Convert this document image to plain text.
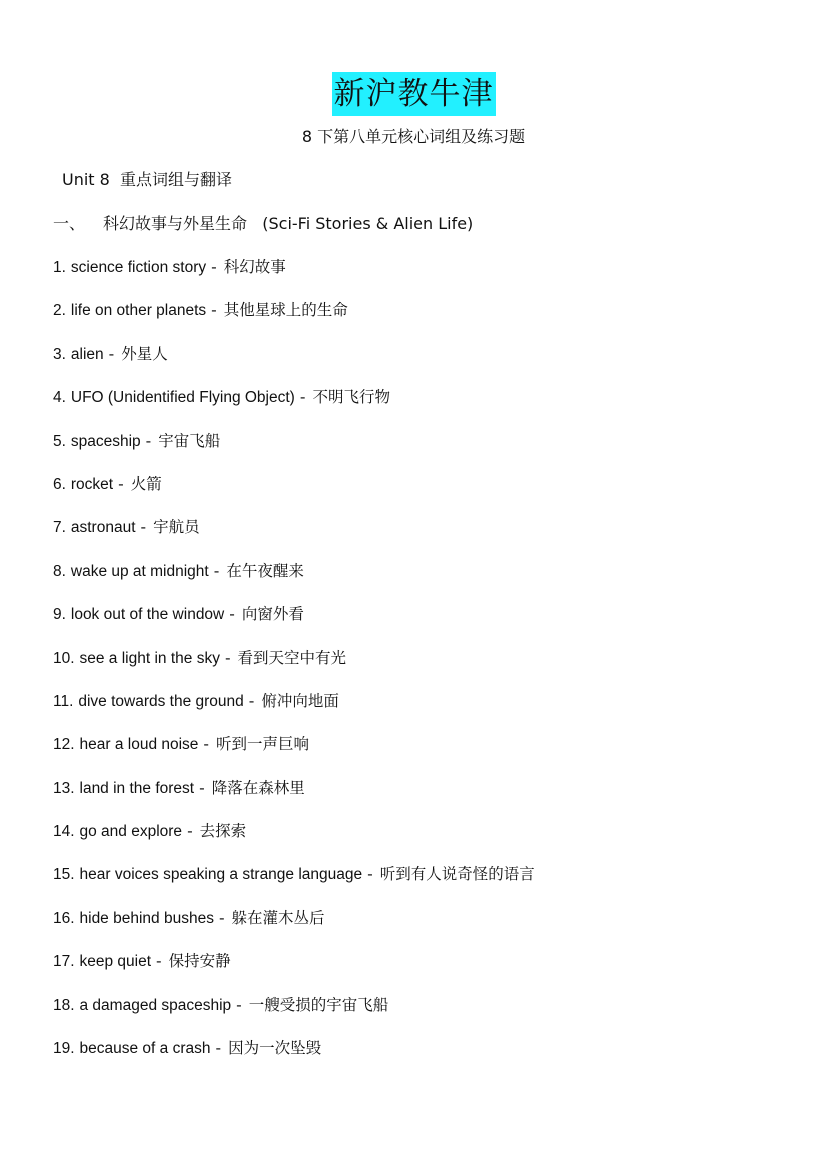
新沪教牛津
8 下第八单元核心词组及练习题
Unit 8  重点词组与翻译
一、 科幻故事与外星生命   (Sci-Fi Stories & Alien Life)
1. science fiction story - 科幻故事
2. life on other planets - 其他星球上的生命
3. alien - 外星人
4. UFO (Unidentified Flying Object) - 不明飞行物
5. spaceship - 宇宙飞船
6. rocket - 火箭
7. astronaut - 宇航员
8. wake up at midnight - 在午夜醒来
9. look out of the window - 向窗外看
10. see a light in the sky - 看到天空中有光
11. dive towards the ground - 俯冲向地面
12. hear a loud noise - 听到一声巨响
13. land in the forest - 降落在森林里
14. go and explore - 去探索
15. hear voices speaking a strange language - 听到有人说奇怪的语言
16. hide behind bushes - 躲在灌木丛后
17. keep quiet - 保持安静
18. a damaged spaceship - 一艘受损的宇宙飞船
19. because of a crash - 因为一次坠毁
